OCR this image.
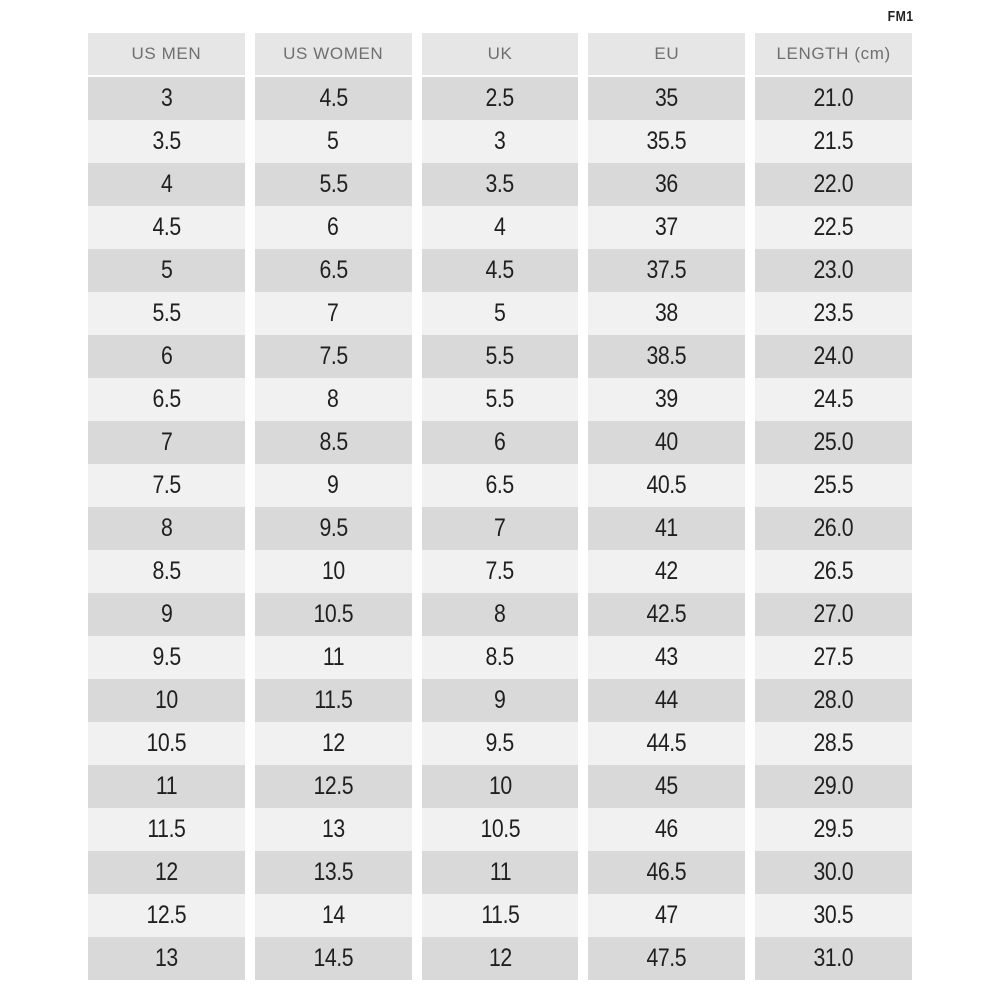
FM1
US MEN	US WOMEN	UK	EU	LENGTH (cm)
3	4.5	2.5	35	21.0
3.5	5	3	35.5	21.5
4	5.5	3.5	36	22.0
4.5	6	4	37	22.5
5	6.5	4.5	37.5	23.0
5.5	7	5	38	23.5
6	7.5	5.5	38.5	24.0
6.5	8	5.5	39	24.5
7	8.5	6	40	25.0
7.5	9	6.5	40.5	25.5
8	9.5	7	41	26.0
8.5	10	7.5	42	26.5
9	10.5	8	42.5	27.0
9.5	11	8.5	43	27.5
10	11.5	9	44	28.0
10.5	12	9.5	44.5	28.5
11	12.5	10	45	29.0
11.5	13	10.5	46	29.5
12	13.5	11	46.5	30.0
12.5	14	11.5	47	30.5
13	14.5	12	47.5	31.0
